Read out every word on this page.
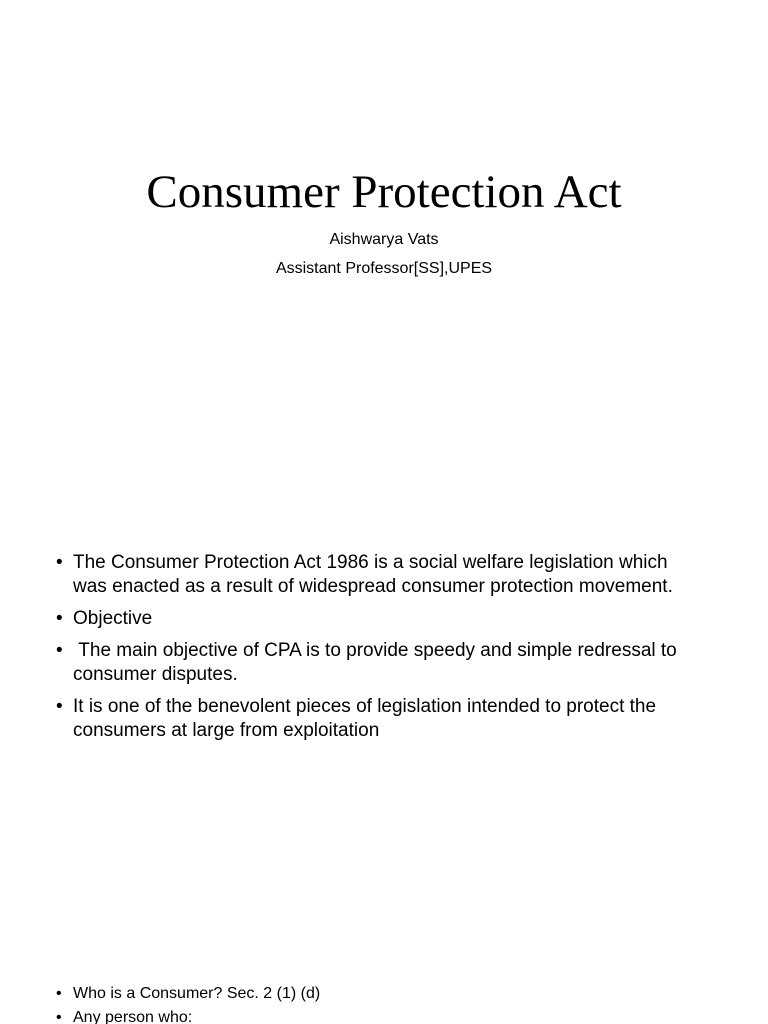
Consumer Protection Act
Aishwarya Vats
Assistant Professor[SS],UPES
• The Consumer Protection Act 1986 is a social welfare legislation which was enacted as a result of widespread consumer protection movement.
• Objective
• The main objective of CPA is to provide speedy and simple redressal to consumer disputes.
• It is one of the benevolent pieces of legislation intended to protect the consumers at large from exploitation
• Who is a Consumer? Sec. 2 (1) (d)
• Any person who:
